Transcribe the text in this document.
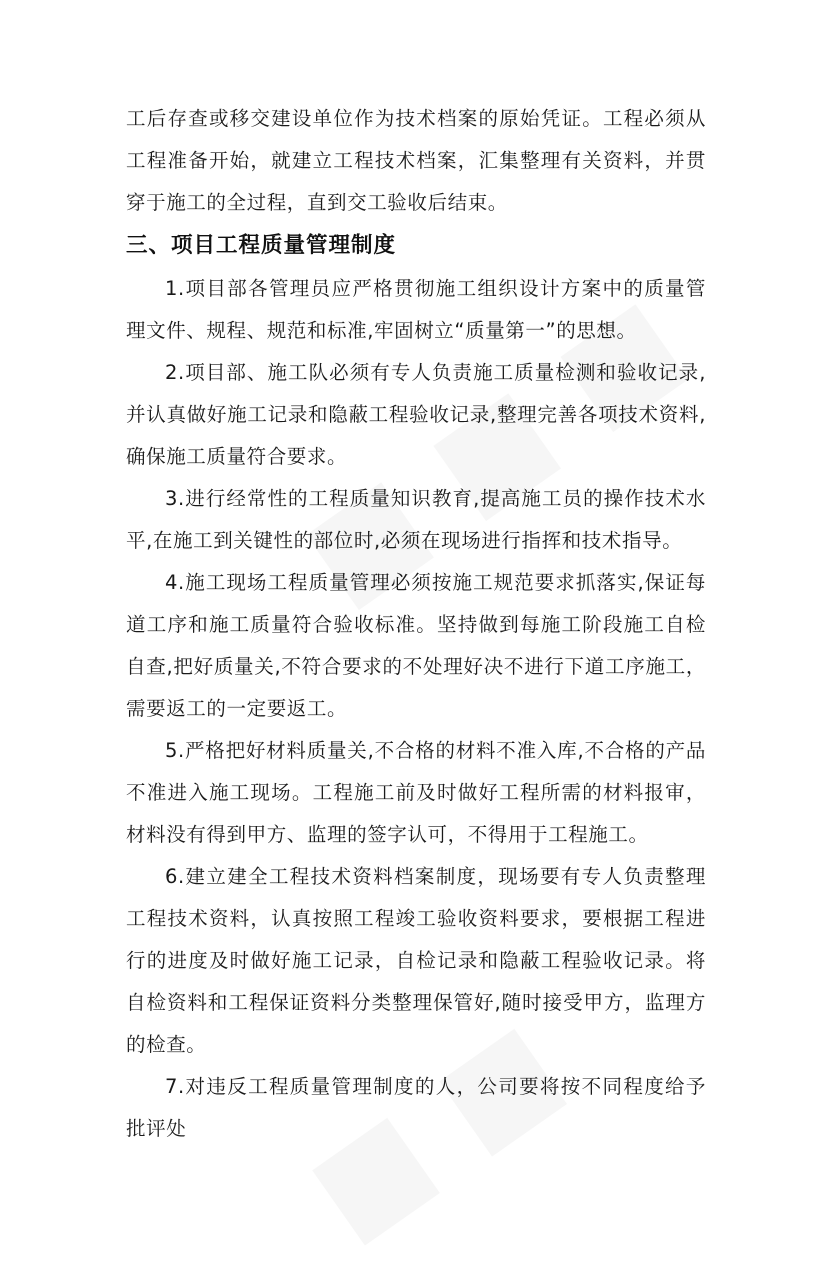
工后存查或移交建设单位作为技术档案的原始凭证。工程必须从工程准备开始，就建立工程技术档案，汇集整理有关资料，并贯穿于施工的全过程，直到交工验收后结束。

三、项目工程质量管理制度

1.项目部各管理员应严格贯彻施工组织设计方案中的质量管理文件、规程、规范和标准,牢固树立“质量第一”的思想。

2.项目部、施工队必须有专人负责施工质量检测和验收记录,并认真做好施工记录和隐蔽工程验收记录,整理完善各项技术资料,确保施工质量符合要求。

3.进行经常性的工程质量知识教育,提高施工员的操作技术水平,在施工到关键性的部位时,必须在现场进行指挥和技术指导。

4.施工现场工程质量管理必须按施工规范要求抓落实,保证每道工序和施工质量符合验收标准。坚持做到每施工阶段施工自检自查,把好质量关,不符合要求的不处理好决不进行下道工序施工，需要返工的一定要返工。

5.严格把好材料质量关,不合格的材料不准入库,不合格的产品不准进入施工现场。工程施工前及时做好工程所需的材料报审，材料没有得到甲方、监理的签字认可，不得用于工程施工。

6.建立建全工程技术资料档案制度，现场要有专人负责整理工程技术资料，认真按照工程竣工验收资料要求，要根据工程进行的进度及时做好施工记录，自检记录和隐蔽工程验收记录。将自检资料和工程保证资料分类整理保管好,随时接受甲方，监理方的检查。

7.对违反工程质量管理制度的人，公司要将按不同程度给予批评处
